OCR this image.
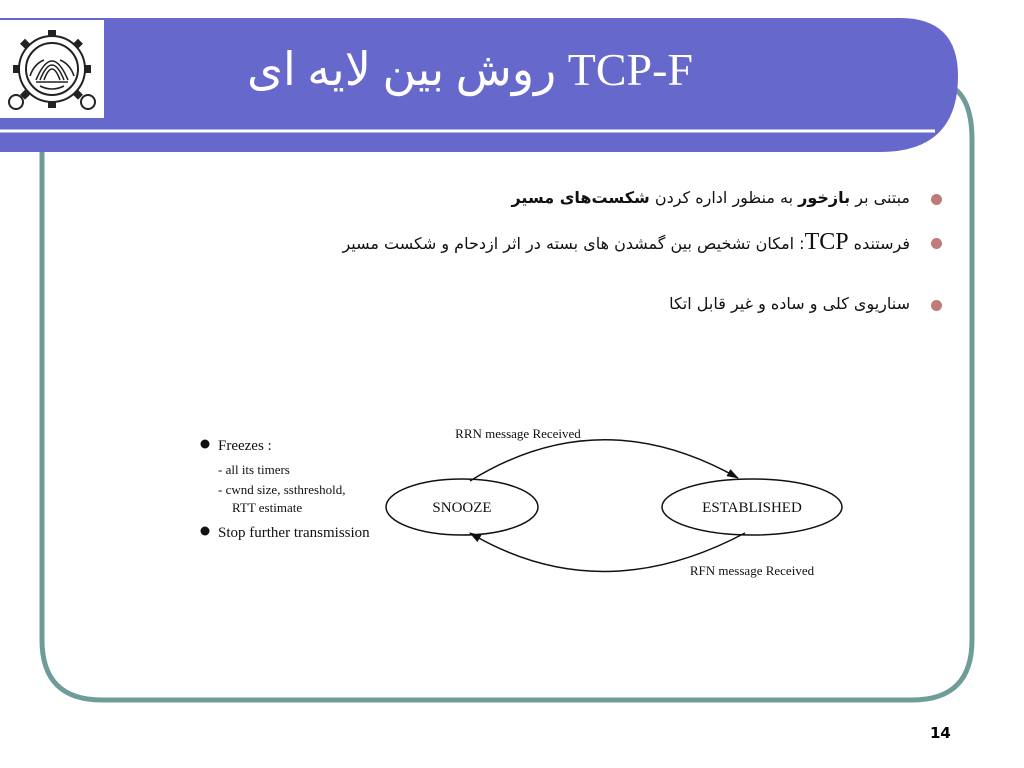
روش بین لایه ای TCP-F
مبتنی بر بازخور به منظور اداره کردن شکست‌های مسیر
فرستنده TCP: امکان تشخیص بین گمشدن های بسته در اثر ازدحام و شکست مسیر
سناریوی کلی و ساده و غیر قابل اتکا
Freezes :
- all its timers
- cwnd size, ssthreshold,
RTT estimate
Stop further transmission
SNOOZE	ESTABLISHED
RRN message Received
RFN message Received
14
